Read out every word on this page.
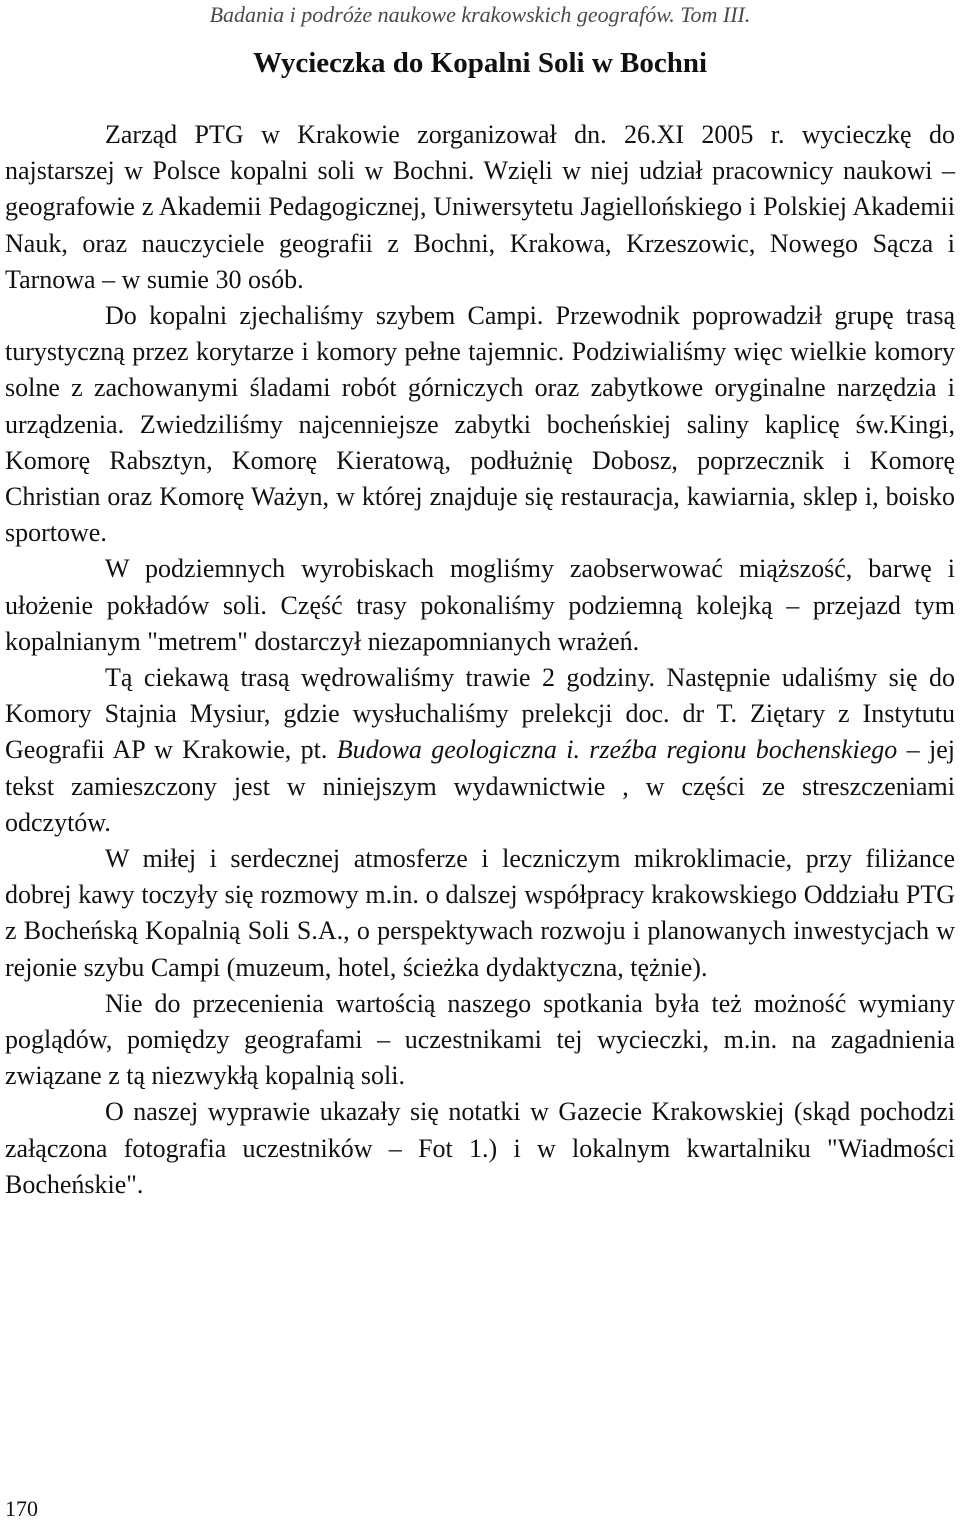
Badania i podróże naukowe krakowskich geografów. Tom III.
Wycieczka do Kopalni Soli w Bochni

Zarząd PTG w Krakowie zorganizował dn. 26.XI 2005 r. wycieczkę do najstarszej w Polsce kopalni soli w Bochni. Wzięli w niej udział pracownicy naukowi – geografowie z Akademii Pedagogicznej, Uniwersytetu Jagiellońskiego i Polskiej Akademii Nauk, oraz nauczyciele geografii z Bochni, Krakowa, Krzeszowic, Nowego Sącza i Tarnowa – w sumie 30 osób.

Do kopalni zjechaliśmy szybem Campi. Przewodnik poprowadził grupę trasą turystyczną przez korytarze i komory pełne tajemnic. Podziwialiśmy więc wielkie komory solne z zachowanymi śladami robót górniczych oraz zabytkowe oryginalne narzędzia i urządzenia. Zwiedziliśmy najcenniejsze zabytki bocheńskiej saliny kaplicę św.Kingi, Komorę Rabsztyn, Komorę Kieratową, podłużnię Dobosz, poprzecznik i Komorę Christian oraz Komorę Ważyn, w której znajduje się restauracja, kawiarnia, sklep i, boisko sportowe.

W podziemnych wyrobiskach mogliśmy zaobserwować miąższość, barwę i ułożenie pokładów soli. Część trasy pokonaliśmy podziemną kolejką – przejazd tym kopalnianym "metrem" dostarczył niezapomnianych wrażeń.

Tą ciekawą trasą wędrowaliśmy trawie 2 godziny. Następnie udaliśmy się do Komory Stajnia Mysiur, gdzie wysłuchaliśmy prelekcji doc. dr T. Ziętary z Instytutu Geografii AP w Krakowie, pt. Budowa geologiczna i. rzeźba regionu bochenskiego – jej tekst zamieszczony jest w niniejszym wydawnictwie , w części ze streszczeniami odczytów.

W miłej i serdecznej atmosferze i leczniczym mikroklimacie, przy filiżance dobrej kawy toczyły się rozmowy m.in. o dalszej współpracy krakowskiego Oddziału PTG z Bocheńską Kopalnią Soli S.A., o perspektywach rozwoju i planowanych inwestycjach w rejonie szybu Campi (muzeum, hotel, ścieżka dydaktyczna, tężnie).

Nie do przecenienia wartością naszego spotkania była też możność wymiany poglądów, pomiędzy geografami – uczestnikami tej wycieczki, m.in. na zagadnienia związane z tą niezwykłą kopalnią soli.

O naszej wyprawie ukazały się notatki w Gazecie Krakowskiej (skąd pochodzi załączona fotografia uczestników – Fot 1.) i w lokalnym kwartalniku "Wiadmości Bocheńskie".

170
